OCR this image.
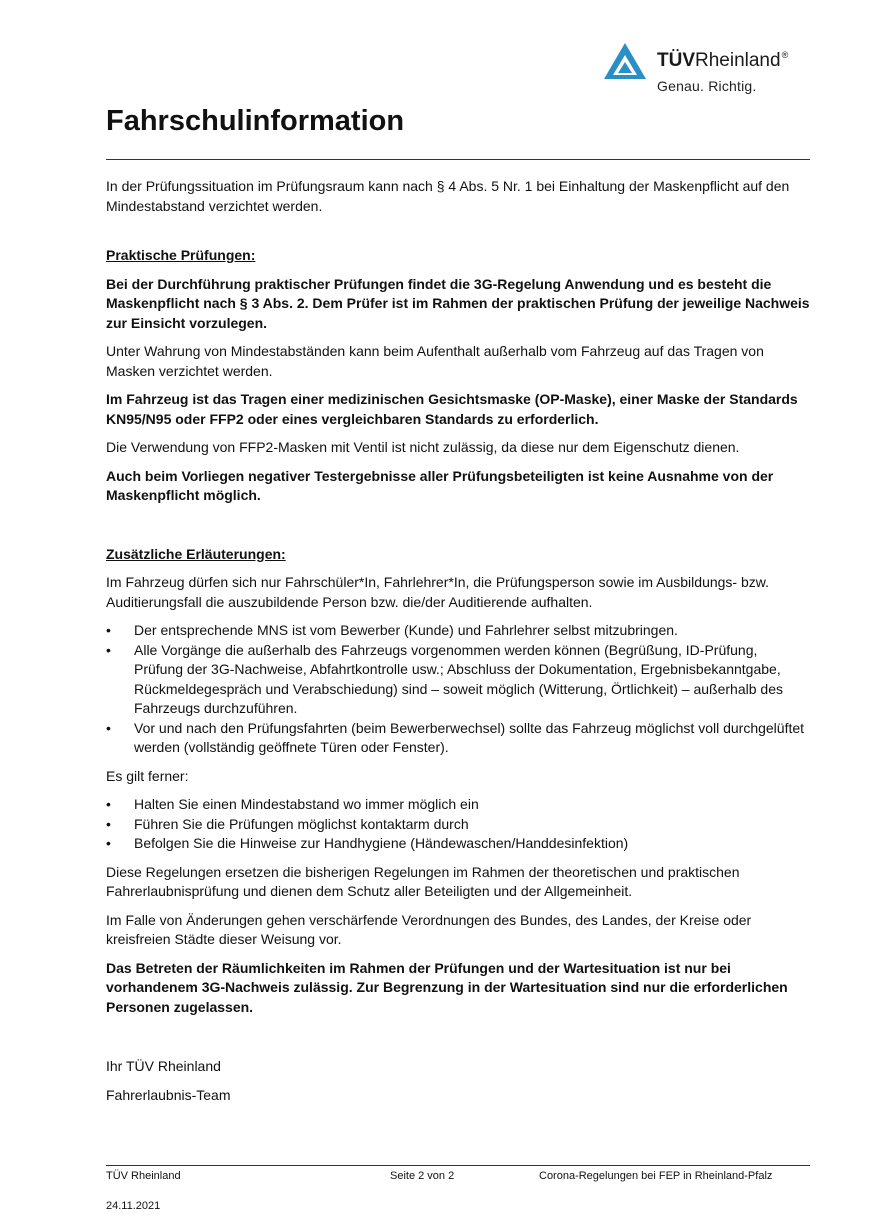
TÜVRheinland®
Genau. Richtig.
Fahrschulinformation

In der Prüfungssituation im Prüfungsraum kann nach § 4 Abs. 5 Nr. 1 bei Einhaltung der Maskenpflicht auf den Mindestabstand verzichtet werden.

Praktische Prüfungen:

Bei der Durchführung praktischer Prüfungen findet die 3G-Regelung Anwendung und es besteht die Maskenpflicht nach § 3 Abs. 2. Dem Prüfer ist im Rahmen der praktischen Prüfung der jeweilige Nachweis zur Einsicht vorzulegen.

Unter Wahrung von Mindestabständen kann beim Aufenthalt außerhalb vom Fahrzeug auf das Tragen von Masken verzichtet werden.

Im Fahrzeug ist das Tragen einer medizinischen Gesichtsmaske (OP-Maske), einer Maske der Standards KN95/N95 oder FFP2 oder eines vergleichbaren Standards zu erforderlich.

Die Verwendung von FFP2-Masken mit Ventil ist nicht zulässig, da diese nur dem Eigenschutz dienen.

Auch beim Vorliegen negativer Testergebnisse aller Prüfungsbeteiligten ist keine Ausnahme von der Maskenpflicht möglich.

Zusätzliche Erläuterungen:

Im Fahrzeug dürfen sich nur Fahrschüler*In, Fahrlehrer*In, die Prüfungsperson sowie im Ausbildungs- bzw. Auditierungsfall die auszubildende Person bzw. die/der Auditierende aufhalten.

• Der entsprechende MNS ist vom Bewerber (Kunde) und Fahrlehrer selbst mitzubringen.
• Alle Vorgänge die außerhalb des Fahrzeugs vorgenommen werden können (Begrüßung, ID-Prüfung, Prüfung der 3G-Nachweise, Abfahrtkontrolle usw.; Abschluss der Dokumentation, Ergebnisbekanntgabe, Rückmeldegespräch und Verabschiedung) sind – soweit möglich (Witterung, Örtlichkeit) – außerhalb des Fahrzeugs durchzuführen.
• Vor und nach den Prüfungsfahrten (beim Bewerberwechsel) sollte das Fahrzeug möglichst voll durchgelüftet werden (vollständig geöffnete Türen oder Fenster).

Es gilt ferner:

• Halten Sie einen Mindestabstand wo immer möglich ein
• Führen Sie die Prüfungen möglichst kontaktarm durch
• Befolgen Sie die Hinweise zur Handhygiene (Händewaschen/Handdesinfektion)

Diese Regelungen ersetzen die bisherigen Regelungen im Rahmen der theoretischen und praktischen Fahrerlaubnisprüfung und dienen dem Schutz aller Beteiligten und der Allgemeinheit.

Im Falle von Änderungen gehen verschärfende Verordnungen des Bundes, des Landes, der Kreise oder kreisfreien Städte dieser Weisung vor.

Das Betreten der Räumlichkeiten im Rahmen der Prüfungen und der Wartesituation ist nur bei vorhandenem 3G-Nachweis zulässig. Zur Begrenzung in der Wartesituation sind nur die erforderlichen Personen zugelassen.

Ihr TÜV Rheinland

Fahrerlaubnis-Team

TÜV Rheinland	Seite 2 von 2	Corona-Regelungen bei FEP in Rheinland-Pfalz
24.11.2021
